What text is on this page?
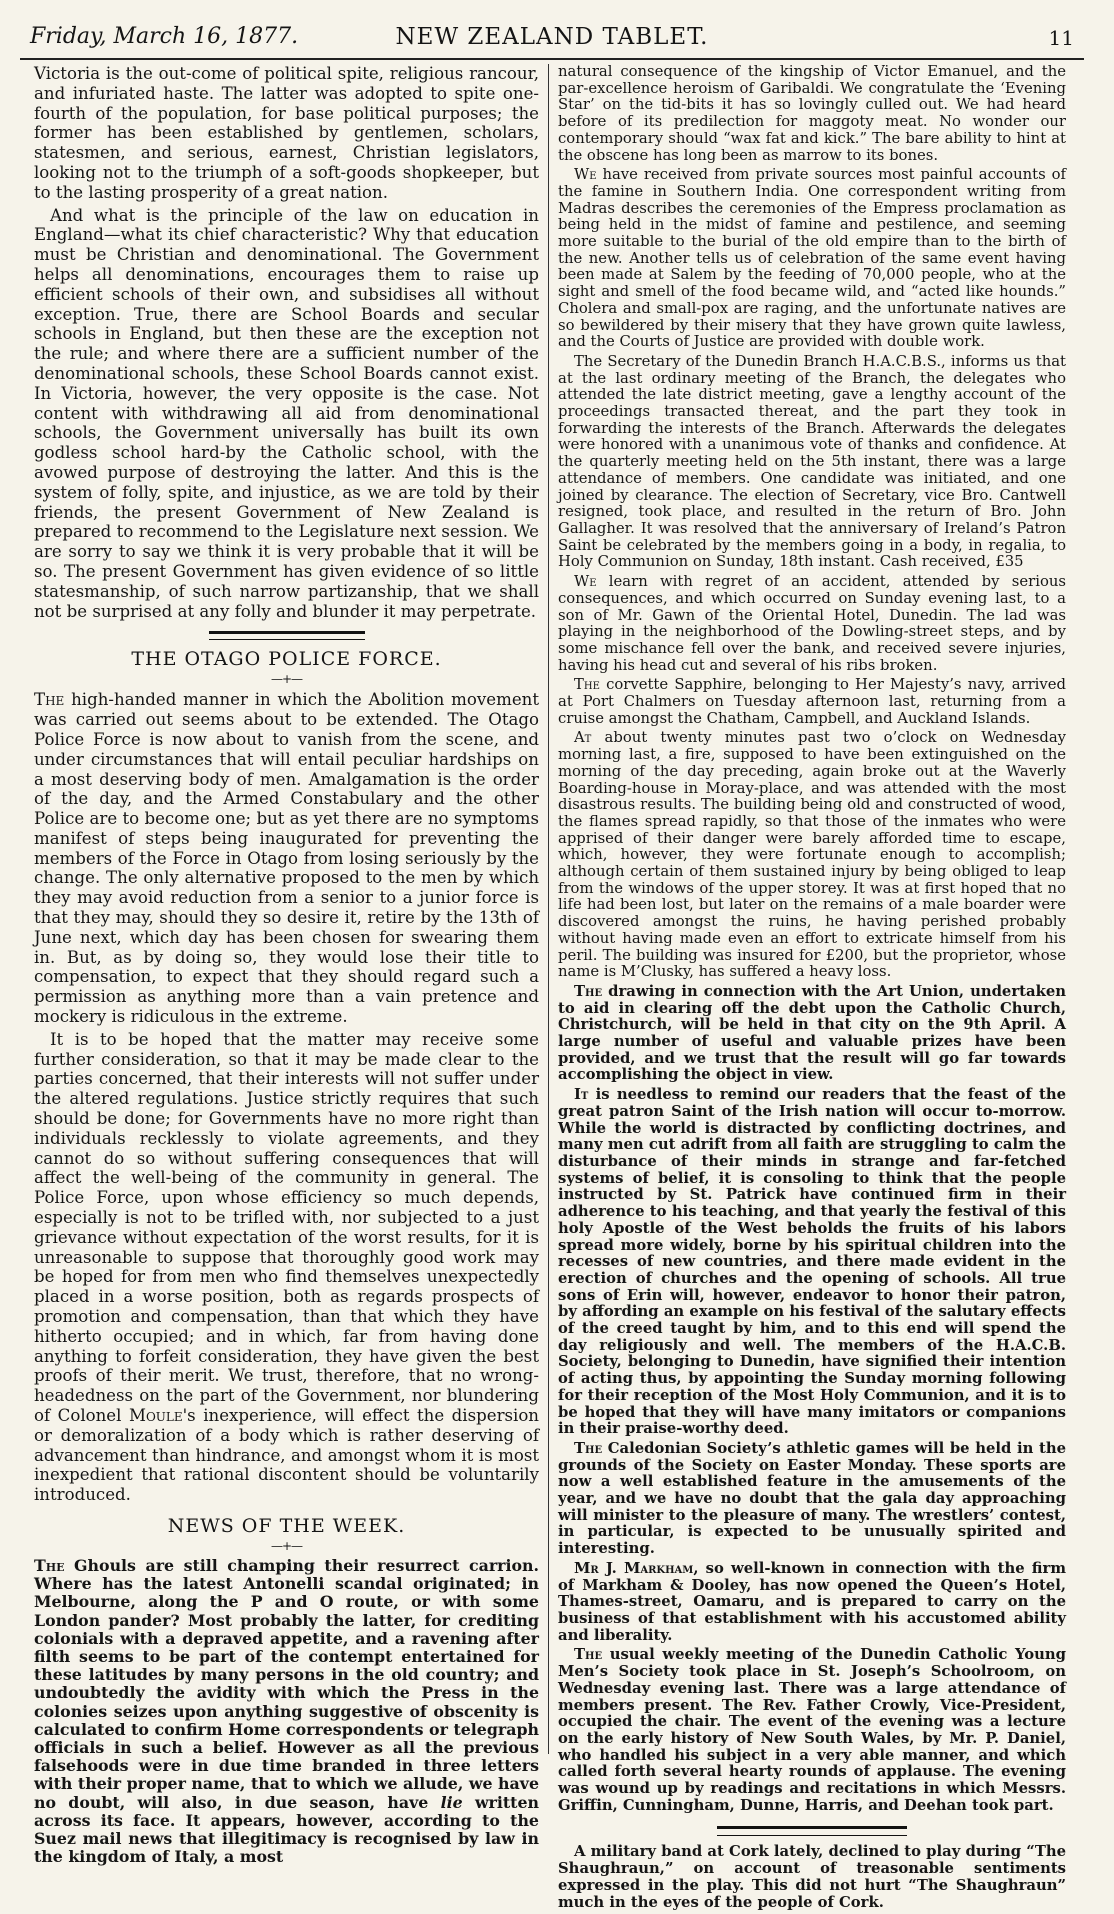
Friday, March 16, 1877.	NEW ZEALAND TABLET.	11

Victoria is the out-come of political spite, religious rancour, and infuriated haste. The latter was adopted to spite one-fourth of the population, for base political purposes; the former has been established by gentlemen, scholars, statesmen, and serious, earnest, Christian legislators, looking not to the triumph of a soft-goods shopkeeper, but to the lasting prosperity of a great nation.

And what is the principle of the law on education in England—what its chief characteristic? Why that education must be Christian and denominational. The Government helps all denominations, encourages them to raise up efficient schools of their own, and subsidises all without exception. True, there are School Boards and secular schools in England, but then these are the exception not the rule; and where there are a sufficient number of the denominational schools, these School Boards cannot exist. In Victoria, however, the very opposite is the case. Not content with withdrawing all aid from denominational schools, the Government universally has built its own godless school hard-by the Catholic school, with the avowed purpose of destroying the latter. And this is the system of folly, spite, and injustice, as we are told by their friends, the present Government of New Zealand is prepared to recommend to the Legislature next session. We are sorry to say we think it is very probable that it will be so. The present Government has given evidence of so little statesmanship, of such narrow partizanship, that we shall not be surprised at any folly and blunder it may perpetrate.

THE OTAGO POLICE FORCE.
—+—

The high-handed manner in which the Abolition movement was carried out seems about to be extended. The Otago Police Force is now about to vanish from the scene, and under circumstances that will entail peculiar hardships on a most deserving body of men. Amalgamation is the order of the day, and the Armed Constabulary and the other Police are to become one; but as yet there are no symptoms manifest of steps being inaugurated for preventing the members of the Force in Otago from losing seriously by the change. The only alternative proposed to the men by which they may avoid reduction from a senior to a junior force is that they may, should they so desire it, retire by the 13th of June next, which day has been chosen for swearing them in. But, as by doing so, they would lose their title to compensation, to expect that they should regard such a permission as anything more than a vain pretence and mockery is ridiculous in the extreme.

It is to be hoped that the matter may receive some further consideration, so that it may be made clear to the parties concerned, that their interests will not suffer under the altered regulations. Justice strictly requires that such should be done; for Governments have no more right than individuals recklessly to violate agreements, and they cannot do so without suffering consequences that will affect the well-being of the community in general. The Police Force, upon whose efficiency so much depends, especially is not to be trifled with, nor subjected to a just grievance without expectation of the worst results, for it is unreasonable to suppose that thoroughly good work may be hoped for from men who find themselves unexpectedly placed in a worse position, both as regards prospects of promotion and compensation, than that which they have hitherto occupied; and in which, far from having done anything to forfeit consideration, they have given the best proofs of their merit. We trust, therefore, that no wrong-headedness on the part of the Government, nor blundering of Colonel Moule's inexperience, will effect the dispersion or demoralization of a body which is rather deserving of advancement than hindrance, and amongst whom it is most inexpedient that rational discontent should be voluntarily introduced.

NEWS OF THE WEEK.
—+—

The Ghouls are still champing their resurrect carrion. Where has the latest Antonelli scandal originated; in Melbourne, along the P and O route, or with some London pander? Most probably the latter, for crediting colonials with a depraved appetite, and a ravening after filth seems to be part of the contempt entertained for these latitudes by many persons in the old country; and undoubtedly the avidity with which the Press in the colonies seizes upon anything suggestive of obscenity is calculated to confirm Home correspondents or telegraph officials in such a belief. However as all the previous falsehoods were in due time branded in three letters with their proper name, that to which we allude, we have no doubt, will also, in due season, have lie written across its face. It appears, however, according to the Suez mail news that illegitimacy is recognised by law in the kingdom of Italy, a most

natural consequence of the kingship of Victor Emanuel, and the par-excellence heroism of Garibaldi. We congratulate the ‘Evening Star’ on the tid-bits it has so lovingly culled out. We had heard before of its predilection for maggoty meat. No wonder our contemporary should “wax fat and kick.” The bare ability to hint at the obscene has long been as marrow to its bones.

We have received from private sources most painful accounts of the famine in Southern India. One correspondent writing from Madras describes the ceremonies of the Empress proclamation as being held in the midst of famine and pestilence, and seeming more suitable to the burial of the old empire than to the birth of the new. Another tells us of celebration of the same event having been made at Salem by the feeding of 70,000 people, who at the sight and smell of the food became wild, and “acted like hounds.” Cholera and small-pox are raging, and the unfortunate natives are so bewildered by their misery that they have grown quite lawless, and the Courts of Justice are provided with double work.

The Secretary of the Dunedin Branch H.A.C.B.S., informs us that at the last ordinary meeting of the Branch, the delegates who attended the late district meeting, gave a lengthy account of the proceedings transacted thereat, and the part they took in forwarding the interests of the Branch. Afterwards the delegates were honored with a unanimous vote of thanks and confidence. At the quarterly meeting held on the 5th instant, there was a large attendance of members. One candidate was initiated, and one joined by clearance. The election of Secretary, vice Bro. Cantwell resigned, took place, and resulted in the return of Bro. John Gallagher. It was resolved that the anniversary of Ireland’s Patron Saint be celebrated by the members going in a body, in regalia, to Holy Communion on Sunday, 18th instant. Cash received, £35

We learn with regret of an accident, attended by serious consequences, and which occurred on Sunday evening last, to a son of Mr. Gawn of the Oriental Hotel, Dunedin. The lad was playing in the neighborhood of the Dowling-street steps, and by some mischance fell over the bank, and received severe injuries, having his head cut and several of his ribs broken.

The corvette Sapphire, belonging to Her Majesty’s navy, arrived at Port Chalmers on Tuesday afternoon last, returning from a cruise amongst the Chatham, Campbell, and Auckland Islands.

At about twenty minutes past two o’clock on Wednesday morning last, a fire, supposed to have been extinguished on the morning of the day preceding, again broke out at the Waverly Boarding-house in Moray-place, and was attended with the most disastrous results. The building being old and constructed of wood, the flames spread rapidly, so that those of the inmates who were apprised of their danger were barely afforded time to escape, which, however, they were fortunate enough to accomplish; although certain of them sustained injury by being obliged to leap from the windows of the upper storey. It was at first hoped that no life had been lost, but later on the remains of a male boarder were discovered amongst the ruins, he having perished probably without having made even an effort to extricate himself from his peril. The building was insured for £200, but the proprietor, whose name is M’Clusky, has suffered a heavy loss.

The drawing in connection with the Art Union, undertaken to aid in clearing off the debt upon the Catholic Church, Christchurch, will be held in that city on the 9th April. A large number of useful and valuable prizes have been provided, and we trust that the result will go far towards accomplishing the object in view.

It is needless to remind our readers that the feast of the great patron Saint of the Irish nation will occur to-morrow. While the world is distracted by conflicting doctrines, and many men cut adrift from all faith are struggling to calm the disturbance of their minds in strange and far-fetched systems of belief, it is consoling to think that the people instructed by St. Patrick have continued firm in their adherence to his teaching, and that yearly the festival of this holy Apostle of the West beholds the fruits of his labors spread more widely, borne by his spiritual children into the recesses of new countries, and there made evident in the erection of churches and the opening of schools. All true sons of Erin will, however, endeavor to honor their patron, by affording an example on his festival of the salutary effects of the creed taught by him, and to this end will spend the day religiously and well. The members of the H.A.C.B. Society, belonging to Dunedin, have signified their intention of acting thus, by appointing the Sunday morning following for their reception of the Most Holy Communion, and it is to be hoped that they will have many imitators or companions in their praise-worthy deed.

The Caledonian Society’s athletic games will be held in the grounds of the Society on Easter Monday. These sports are now a well established feature in the amusements of the year, and we have no doubt that the gala day approaching will minister to the pleasure of many. The wrestlers’ contest, in particular, is expected to be unusually spirited and interesting.

Mr J. Markham, so well-known in connection with the firm of Markham & Dooley, has now opened the Queen’s Hotel, Thames-street, Oamaru, and is prepared to carry on the business of that establishment with his accustomed ability and liberality.

The usual weekly meeting of the Dunedin Catholic Young Men’s Society took place in St. Joseph’s Schoolroom, on Wednesday evening last. There was a large attendance of members present. The Rev. Father Crowly, Vice-President, occupied the chair. The event of the evening was a lecture on the early history of New South Wales, by Mr. P. Daniel, who handled his subject in a very able manner, and which called forth several hearty rounds of applause. The evening was wound up by readings and recitations in which Messrs. Griffin, Cunningham, Dunne, Harris, and Deehan took part.

A military band at Cork lately, declined to play during “The Shaughraun,” on account of treasonable sentiments expressed in the play. This did not hurt “The Shaughraun” much in the eyes of the people of Cork.
